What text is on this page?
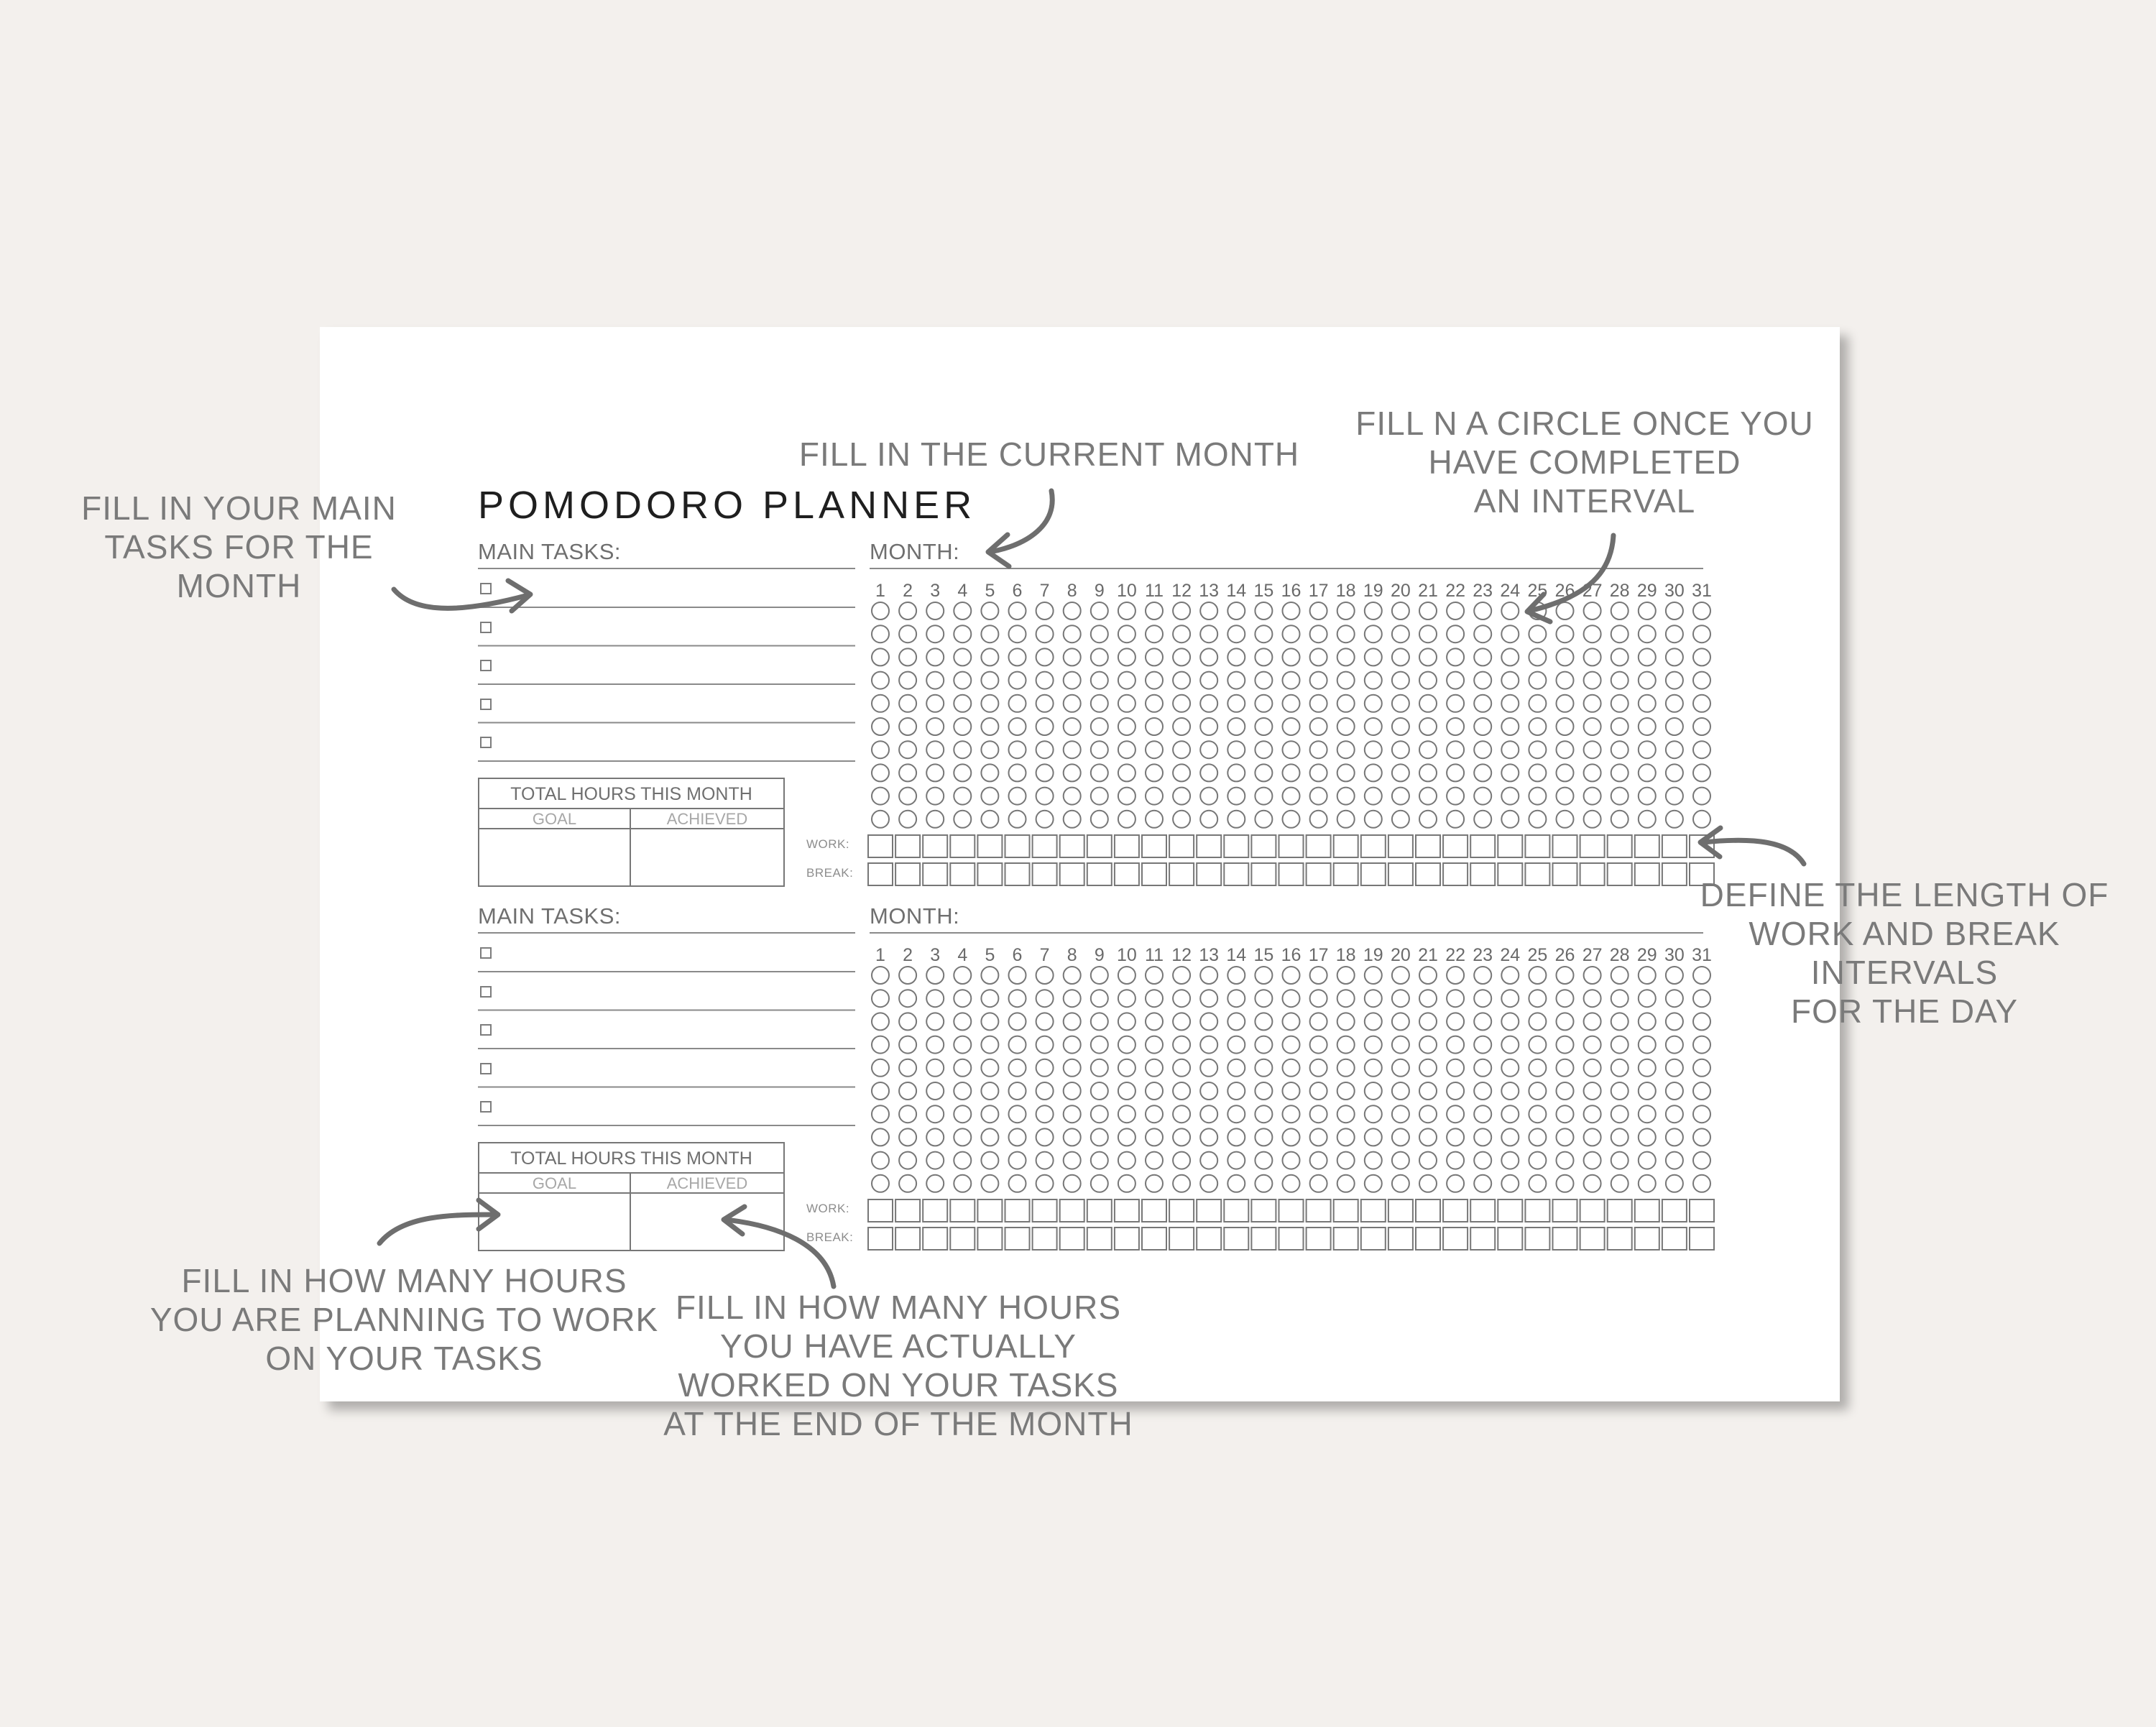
FILL IN YOUR MAIN
TASKS FOR THE MONTH
FILL IN THE CURRENT MONTH
FILL N A CIRCLE ONCE YOU
HAVE COMPLETED
AN INTERVAL
DEFINE THE LENGTH OF
WORK AND BREAK INTERVALS
FOR THE DAY
FILL IN HOW MANY HOURS
YOU ARE PLANNING TO WORK
ON YOUR TASKS
FILL IN HOW MANY HOURS
YOU HAVE ACTUALLY
WORKED ON YOUR TASKS
AT THE END OF THE MONTH
POMODORO PLANNER
MAIN TASKS:	MONTH:
TOTAL HOURS THIS MONTH
GOAL	ACHIEVED
WORK:
BREAK:
MAIN TASKS:	MONTH:
TOTAL HOURS THIS MONTH
GOAL	ACHIEVED
WORK:
BREAK:
1 2 3 4 5 6 7 8 9 10 11 12 13 14 15 16 17 18 19 20 21 22 23 24 25 26 27 28 29 30 31
1 2 3 4 5 6 7 8 9 10 11 12 13 14 15 16 17 18 19 20 21 22 23 24 25 26 27 28 29 30 31
